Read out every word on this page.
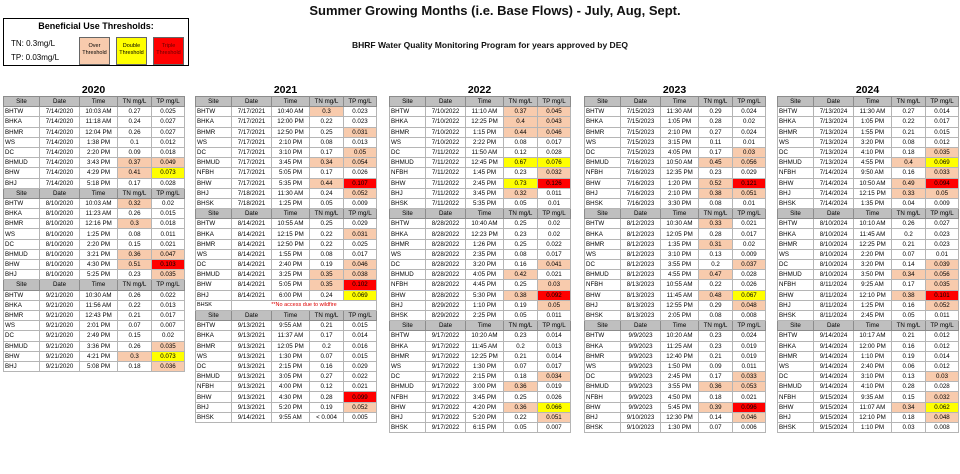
Summer Growing Months (i.e. Base Flows) - July, Aug, Sept.
BHRF Water Quality Monitoring Program for years approved by DEQ
Beneficial Use Thresholds:
TN: 0.3mg/L
TP: 0.03mg/L
Over Threshold
Double Threshold
Triple Threshold
2020
Site	Date	Time	TN mg/L	TP mg/L
BHTW	7/14/2020	10:03 AM	0.27	0.025
BHKA	7/14/2020	11:18 AM	0.24	0.027
BHMR	7/14/2020	12:04 PM	0.26	0.027
WS	7/14/2020	1:38 PM	0.1	0.012
DC	7/14/2020	2:20 PM	0.09	0.018
BHMUD	7/14/2020	3:43 PM	0.37	0.049
BHW	7/14/2020	4:29 PM	0.41	0.073
BHJ	7/14/2020	5:18 PM	0.17	0.028
Site	Date	Time	TN mg/L	TP mg/L
BHTW	8/10/2020	10:03 AM	0.32	0.02
BHKA	8/10/2020	11:23 AM	0.26	0.015
BHMR	8/10/2020	12:16 PM	0.3	0.018
WS	8/10/2020	1:25 PM	0.08	0.011
DC	8/10/2020	2:20 PM	0.15	0.021
BHMUD	8/10/2020	3:21 PM	0.36	0.047
BHW	8/10/2020	4:30 PM	0.51	0.103
BHJ	8/10/2020	5:25 PM	0.23	0.035
Site	Date	Time	TN mg/L	TP mg/L
BHTW	9/21/2020	10:30 AM	0.26	0.022
BHKA	9/21/2020	11:56 AM	0.22	0.013
BHMR	9/21/2020	12:43 PM	0.21	0.017
WS	9/21/2020	2:01 PM	0.07	0.007
DC	9/21/2020	2:49 PM	0.15	0.02
BHMUD	9/21/2020	3:36 PM	0.26	0.035
BHW	9/21/2020	4:21 PM	0.3	0.073
BHJ	9/21/2020	5:08 PM	0.18	0.036
2021
Site	Date	Time	TN mg/L	TP mg/L
BHTW	7/17/2021	10:40 AM	0.3	0.023
BHKA	7/17/2021	12:00 PM	0.22	0.023
BHMR	7/17/2021	12:50 PM	0.25	0.031
WS	7/17/2021	2:10 PM	0.08	0.013
DC	7/17/2021	3:10 PM	0.17	0.05
BHMUD	7/17/2021	3:45 PM	0.34	0.054
NFBH	7/17/2021	5:05 PM	0.17	0.026
BHW	7/17/2021	5:35 PM	0.44	0.107
BHJ	7/18/2021	11:30 AM	0.24	0.052
BHSK	7/18/2021	1:25 PM	0.05	0.009
Site	Date	Time	TN mg/L	TP mg/L
BHTW	8/14/2021	10:55 AM	0.25	0.029
BHKA	8/14/2021	12:15 PM	0.22	0.031
BHMR	8/14/2021	12:50 PM	0.22	0.025
WS	8/14/2021	1:55 PM	0.08	0.017
DC	8/14/2021	2:40 PM	0.19	0.046
BHMUD	8/14/2021	3:25 PM	0.35	0.038
BHW	8/14/2021	5:05 PM	0.35	0.102
BHJ	8/14/2021	6:00 PM	0.24	0.069
BHSK	**No access due to wildfire			
Site	Date	Time	TN mg/L	TP mg/L
BHTW	9/13/2021	9:55 AM	0.21	0.015
BHKA	9/13/2021	11:37 AM	0.17	0.014
BHMR	9/13/2021	12:05 PM	0.2	0.016
WS	9/13/2021	1:30 PM	0.07	0.015
DC	9/13/2021	2:15 PM	0.16	0.029
BHMUD	9/13/2021	3:05 PM	0.27	0.022
NFBH	9/13/2021	4:00 PM	0.12	0.021
BHW	9/13/2021	4:30 PM	0.28	0.099
BHJ	9/13/2021	5:20 PM	0.19	0.052
BHSK	9/14/2021	9:55 AM	< 0.004	0.005
2022
Site	Date	Time	TN mg/L	TP mg/L
BHTW	7/10/2022	11:10 AM	0.37	0.045
BHKA	7/10/2022	12:25 PM	0.4	0.043
BHMR	7/10/2022	1:15 PM	0.44	0.046
WS	7/10/2022	2:22 PM	0.08	0.017
DC	7/11/2022	11:50 AM	0.12	0.028
BHMUD	7/11/2022	12:45 PM	0.67	0.076
NFBH	7/11/2022	1:45 PM	0.23	0.032
BHW	7/11/2022	2:45 PM	0.73	0.126
BHJ	7/11/2022	3:45 PM	0.32	0.011
BHSK	7/11/2022	5:35 PM	0.05	0.01
Site	Date	Time	TN mg/L	TP mg/L
BHTW	8/28/2022	10:40 AM	0.25	0.02
BHKA	8/28/2022	12:23 PM	0.23	0.02
BHMR	8/28/2022	1:26 PM	0.25	0.022
WS	8/28/2022	2:35 PM	0.08	0.017
DC	8/28/2022	3:20 PM	0.16	0.041
BHMUD	8/28/2022	4:05 PM	0.42	0.021
NFBH	8/28/2022	4:45 PM	0.25	0.03
BHW	8/28/2022	5:30 PM	0.38	0.092
BHJ	8/29/2022	1:10 PM	0.19	0.05
BHSK	8/29/2022	2:25 PM	0.05	0.011
Site	Date	Time	TN mg/L	TP mg/L
BHTW	9/17/2022	10:20 AM	0.23	0.014
BHKA	9/17/2022	11:45 AM	0.2	0.013
BHMR	9/17/2022	12:25 PM	0.21	0.014
WS	9/17/2022	1:30 PM	0.07	0.017
DC	9/17/2022	2:15 PM	0.18	0.034
BHMUD	9/17/2022	3:00 PM	0.36	0.019
NFBH	9/17/2022	3:45 PM	0.25	0.026
BHW	9/17/2022	4:20 PM	0.36	0.066
BHJ	9/17/2022	5:20 PM	0.22	0.051
BHSK	9/17/2022	6:15 PM	0.05	0.007
2023
Site	Date	Time	TN mg/L	TP mg/L
BHTW	7/15/2023	11:30 AM	0.29	0.024
BHKA	7/15/2023	1:05 PM	0.28	0.02
BHMR	7/15/2023	2:10 PM	0.27	0.024
WS	7/15/2023	3:15 PM	0.11	0.01
DC	7/15/2023	4:05 PM	0.17	0.03
BHMUD	7/16/2023	10:50 AM	0.45	0.056
NFBH	7/16/2023	12:35 PM	0.23	0.029
BHW	7/16/2023	1:20 PM	0.52	0.121
BHJ	7/16/2023	2:10 PM	0.38	0.051
BHSK	7/16/2023	3:30 PM	0.08	0.01
Site	Date	Time	TN mg/L	TP mg/L
BHTW	8/12/2023	10:30 AM	0.33	0.021
BHKA	8/12/2023	12:05 PM	0.28	0.017
BHMR	8/12/2023	1:35 PM	0.31	0.02
WS	8/12/2023	3:10 PM	0.13	0.009
DC	8/12/2023	3:55 PM	0.2	0.037
BHMUD	8/12/2023	4:55 PM	0.47	0.028
NFBH	8/13/2023	10:55 AM	0.22	0.026
BHW	8/13/2023	11:45 AM	0.48	0.067
BHJ	8/13/2023	12:55 PM	0.29	0.048
BHSK	8/13/2023	2:05 PM	0.08	0.008
Site	Date	Time	TN mg/L	TP mg/L
BHTW	9/9/2023	10:20 AM	0.23	0.024
BHKA	9/9/2023	11:25 AM	0.23	0.019
BHMR	9/9/2023	12:40 PM	0.21	0.019
WS	9/9/2023	1:50 PM	0.09	0.011
DC	9/9/2023	2:45 PM	0.17	0.033
BHMUD	9/9/2023	3:55 PM	0.36	0.053
NFBH	9/9/2023	4:50 PM	0.18	0.021
BHW	9/9/2023	5:45 PM	0.39	0.096
BHJ	9/10/2023	12:30 PM	0.14	0.046
BHSK	9/10/2023	1:30 PM	0.07	0.006
2024
Site	Date	Time	TN mg/L	TP mg/L
BHTW	7/13/2024	11:30 AM	0.27	0.014
BHKA	7/13/2024	1:05 PM	0.22	0.017
BHMR	7/13/2024	1:55 PM	0.21	0.015
WS	7/13/2024	3:20 PM	0.08	0.012
DC	7/13/2024	4:10 PM	0.18	0.035
BHMUD	7/13/2024	4:55 PM	0.4	0.069
NFBH	7/14/2024	9:50 AM	0.16	0.033
BHW	7/14/2024	10:50 AM	0.49	0.094
BHJ	7/14/2024	12:15 PM	0.33	0.05
BHSK	7/14/2024	1:35 PM	0.04	0.009
Site	Date	Time	TN mg/L	TP mg/L
BHTW	8/10/2024	10:10 AM	0.26	0.027
BHKA	8/10/2024	11:45 AM	0.2	0.023
BHMR	8/10/2024	12:25 PM	0.21	0.023
WS	8/10/2024	2:20 PM	0.07	0.01
DC	8/10/2024	3:20 PM	0.14	0.039
BHMUD	8/10/2024	3:50 PM	0.34	0.056
NFBH	8/11/2024	9:25 AM	0.17	0.035
BHW	8/11/2024	12:10 PM	0.38	0.101
BHJ	8/11/2024	1:25 PM	0.16	0.052
BHSK	8/11/2024	2:45 PM	0.05	0.011
Site	Date	Time	TN mg/L	TP mg/L
BHTW	9/14/2024	10:17 AM	0.21	0.012
BHKA	9/14/2024	12:00 PM	0.16	0.012
BHMR	9/14/2024	1:10 PM	0.19	0.014
WS	9/14/2024	2:40 PM	0.06	0.012
DC	9/14/2024	3:10 PM	0.13	0.03
BHMUD	9/14/2024	4:10 PM	0.28	0.028
NFBH	9/15/2024	9:35 AM	0.15	0.032
BHW	9/15/2024	11:07 AM	0.34	0.062
BHJ	9/15/2024	12:10 PM	0.18	0.048
BHSK	9/15/2024	1:10 PM	0.03	0.008
